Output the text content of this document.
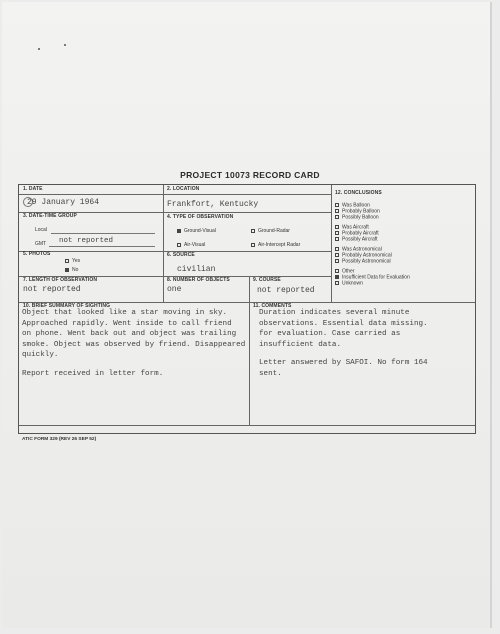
PROJECT 10073 RECORD CARD
1. DATE
29 January 1964
2. LOCATION
Frankfort, Kentucky
3. DATE-TIME GROUP
Local
GMT not reported
4. TYPE OF OBSERVATION
Ground-Visual	Ground-Radar
Air-Visual	Air-Intercept Radar
5. PHOTOS
Yes
No
6. SOURCE
civilian
7. LENGTH OF OBSERVATION
not reported
8. NUMBER OF OBJECTS
one
9. COURSE
not reported
10. BRIEF SUMMARY OF SIGHTING

Object that looked like a star moving in sky.
Approached rapidly. Went inside to call friend
on phone. Went back out and object was trailing
smoke. Object was observed by friend. Disappeared
quickly.

Report received in letter form.

11. COMMENTS

Duration indicates several minute
observations. Essential data missing.
for evaluation. Case carried as
insufficient data.

Letter answered by SAFOI. No form 164
sent.

12. CONCLUSIONS
Was Balloon
Probably Balloon
Possibly Balloon
Was Aircraft
Probably Aircraft
Possibly Aircraft
Was Astronomical
Probably Astronomical
Possibly Astronomical
Other
Insufficient Data for Evaluation
Unknown
ATIC FORM 329 (REV 26 SEP 52)
